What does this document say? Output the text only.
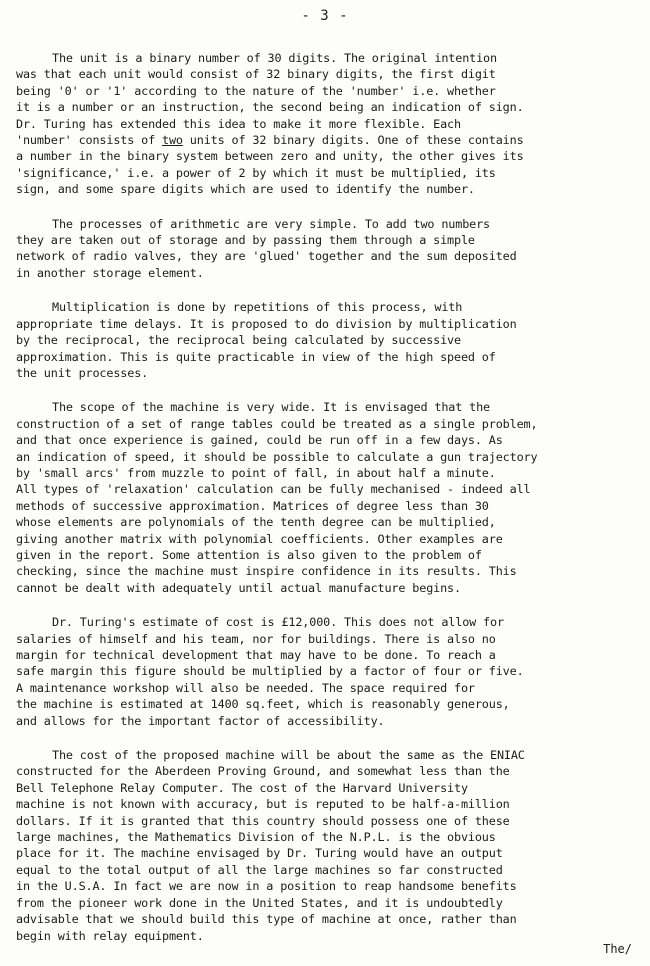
- 3 -
The unit is a binary number of 30 digits. The original intention
was that each unit would consist of 32 binary digits, the first digit
being '0' or '1' according to the nature of the 'number' i.e. whether
it is a number or an instruction, the second being an indication of sign.
Dr. Turing has extended this idea to make it more flexible. Each
'number' consists of two units of 32 binary digits. One of these contains
a number in the binary system between zero and unity, the other gives its
'significance,' i.e. a power of 2 by which it must be multiplied, its
sign, and some spare digits which are used to identify the number.
The processes of arithmetic are very simple. To add two numbers
they are taken out of storage and by passing them through a simple
network of radio valves, they are 'glued' together and the sum deposited
in another storage element.
Multiplication is done by repetitions of this process, with
appropriate time delays. It is proposed to do division by multiplication
by the reciprocal, the reciprocal being calculated by successive
approximation. This is quite practicable in view of the high speed of
the unit processes.
The scope of the machine is very wide. It is envisaged that the
construction of a set of range tables could be treated as a single problem,
and that once experience is gained, could be run off in a few days. As
an indication of speed, it should be possible to calculate a gun trajectory
by 'small arcs' from muzzle to point of fall, in about half a minute.
All types of 'relaxation' calculation can be fully mechanised - indeed all
methods of successive approximation. Matrices of degree less than 30
whose elements are polynomials of the tenth degree can be multiplied,
giving another matrix with polynomial coefficients. Other examples are
given in the report. Some attention is also given to the problem of
checking, since the machine must inspire confidence in its results. This
cannot be dealt with adequately until actual manufacture begins.
Dr. Turing's estimate of cost is £12,000. This does not allow for
salaries of himself and his team, nor for buildings. There is also no
margin for technical development that may have to be done. To reach a
safe margin this figure should be multiplied by a factor of four or five.
A maintenance workshop will also be needed. The space required for
the machine is estimated at 1400 sq.feet, which is reasonably generous,
and allows for the important factor of accessibility.
The cost of the proposed machine will be about the same as the ENIAC
constructed for the Aberdeen Proving Ground, and somewhat less than the
Bell Telephone Relay Computer. The cost of the Harvard University
machine is not known with accuracy, but is reputed to be half-a-million
dollars. If it is granted that this country should possess one of these
large machines, the Mathematics Division of the N.P.L. is the obvious
place for it. The machine envisaged by Dr. Turing would have an output
equal to the total output of all the large machines so far constructed
in the U.S.A. In fact we are now in a position to reap handsome benefits
from the pioneer work done in the United States, and it is undoubtedly
advisable that we should build this type of machine at once, rather than
begin with relay equipment.
The/
